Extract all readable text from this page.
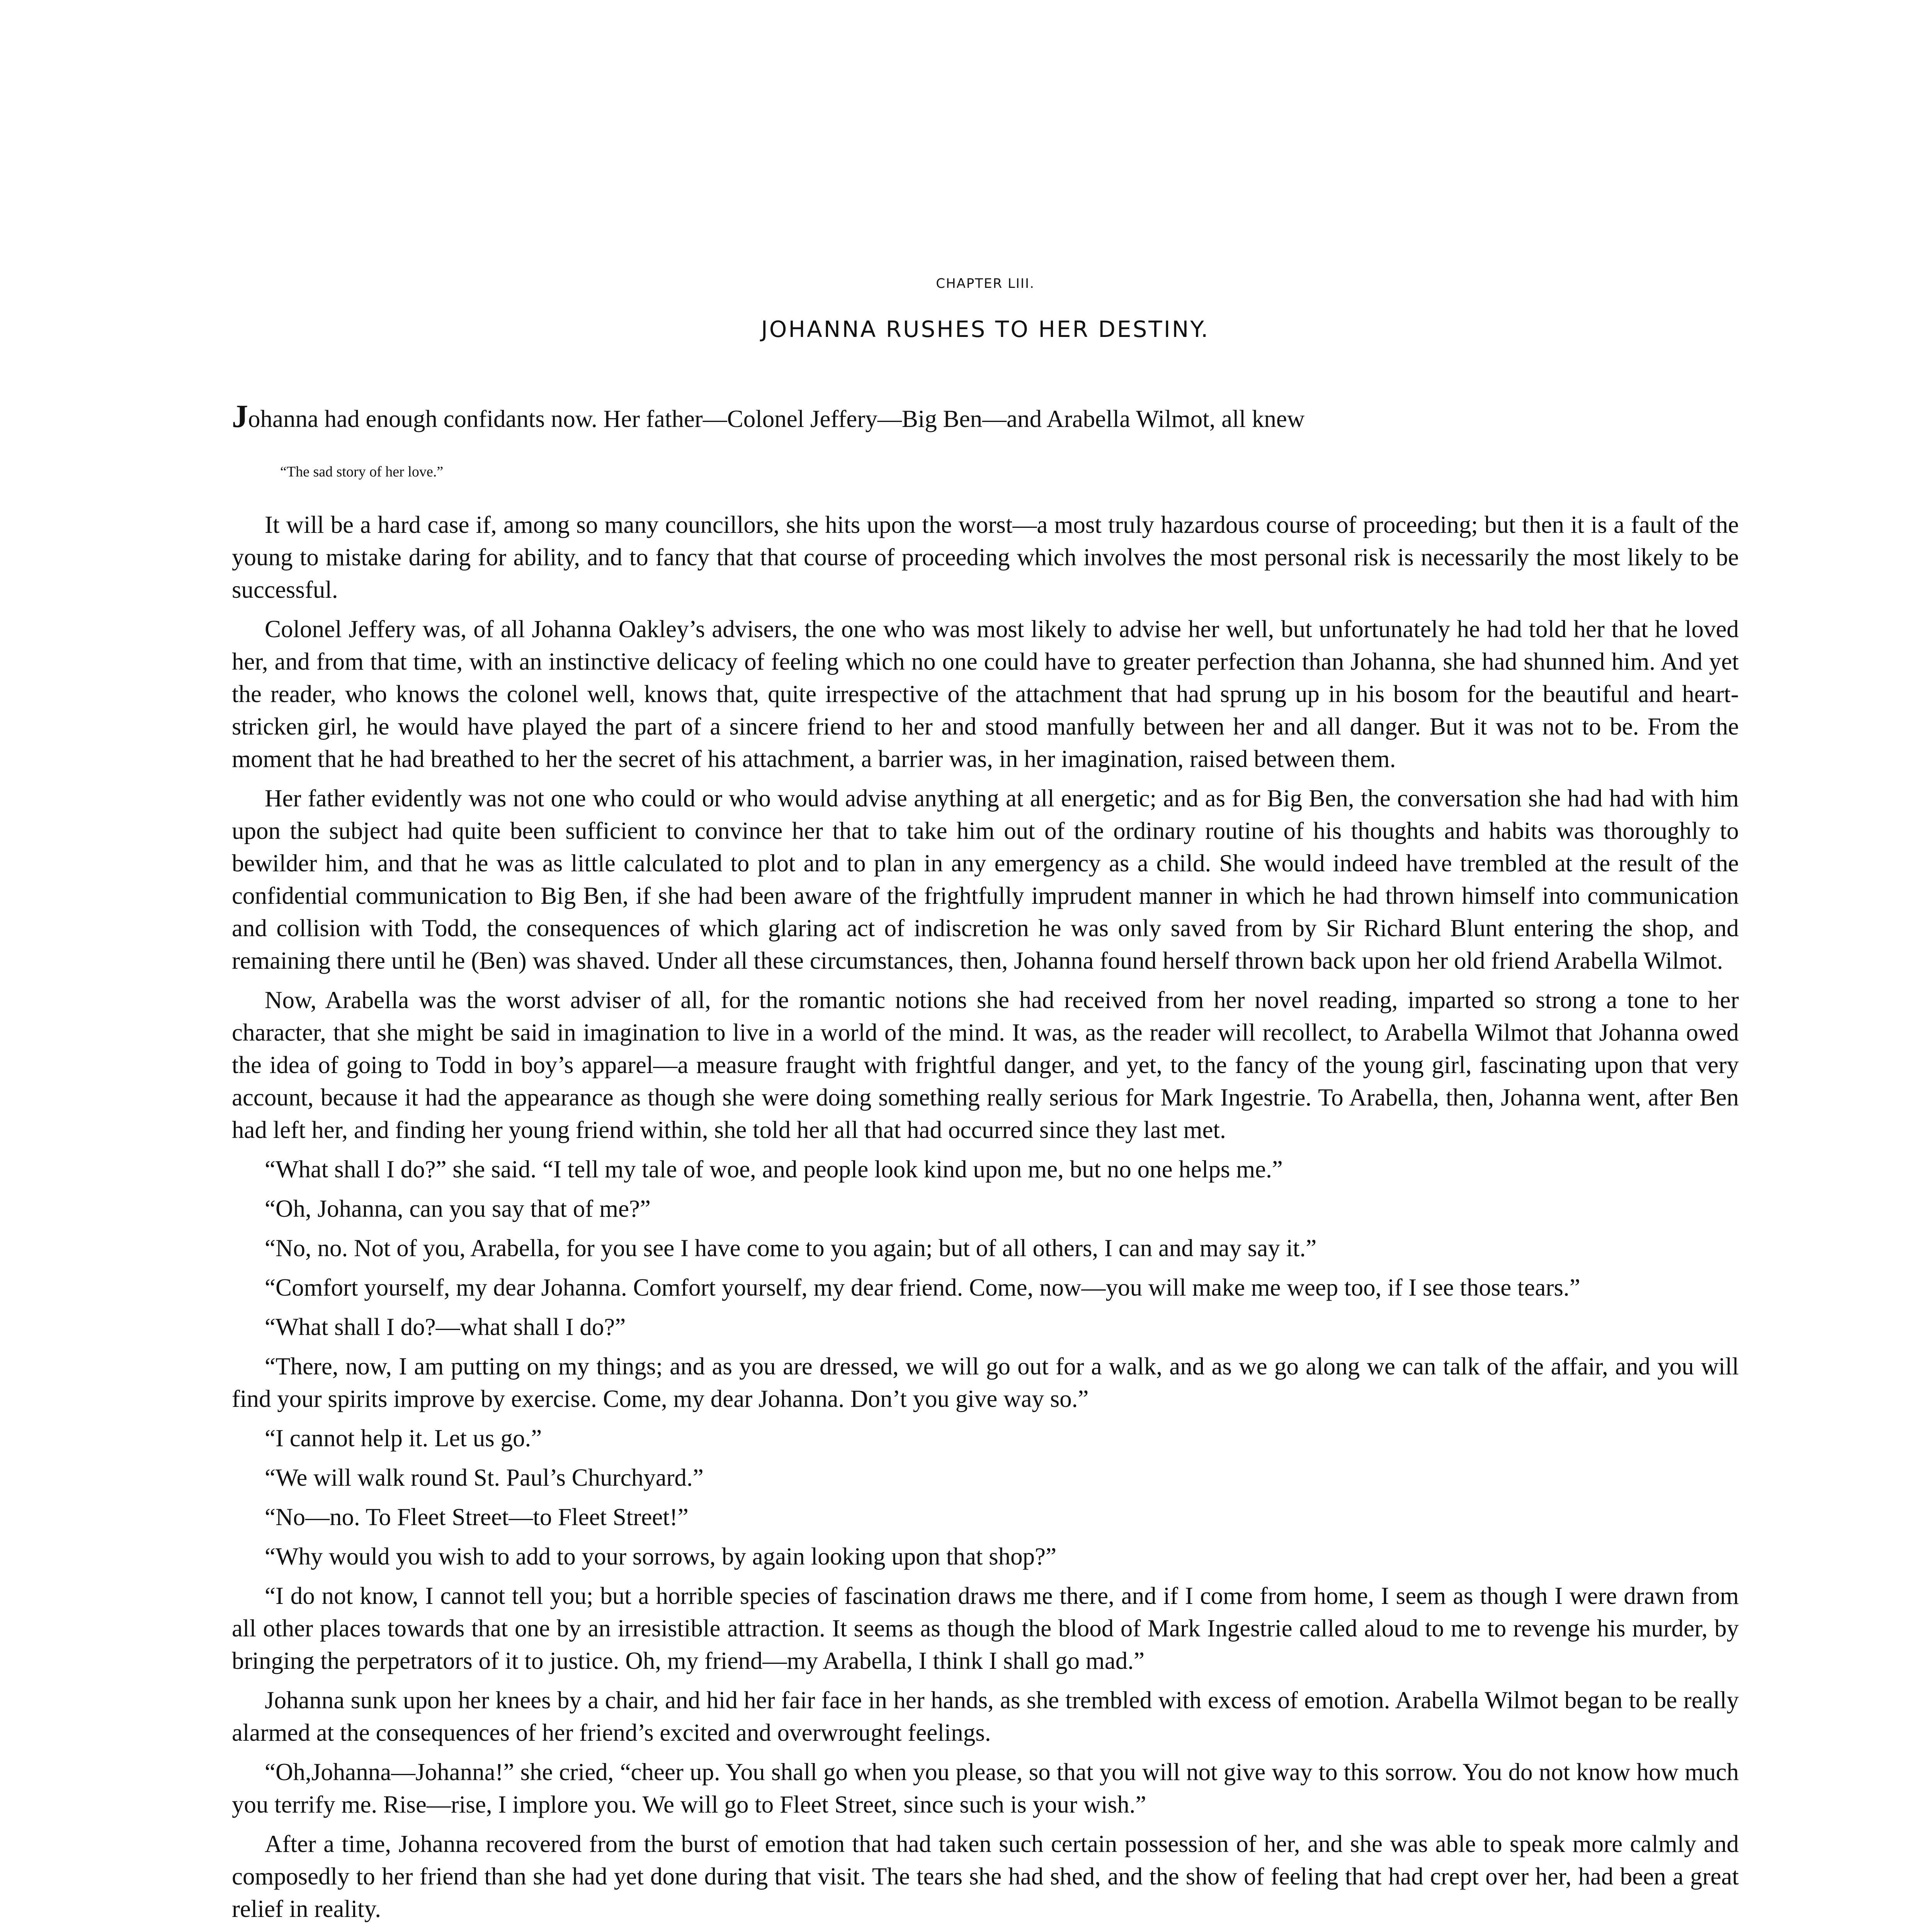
CHAPTER LIII.
JOHANNA RUSHES TO HER DESTINY.

Johanna had enough confidants now. Her father—Colonel Jeffery—Big Ben—and Arabella Wilmot, all knew

“The sad story of her love.”

It will be a hard case if, among so many councillors, she hits upon the worst—a most truly hazardous course of proceeding; but then it is a fault of the young to mistake daring for ability, and to fancy that that course of proceeding which involves the most personal risk is necessarily the most likely to be successful.

Colonel Jeffery was, of all Johanna Oakley’s advisers, the one who was most likely to advise her well, but unfortunately he had told her that he loved her, and from that time, with an instinctive delicacy of feeling which no one could have to greater perfection than Johanna, she had shunned him. And yet the reader, who knows the colonel well, knows that, quite irrespective of the attachment that had sprung up in his bosom for the beautiful and heart-stricken girl, he would have played the part of a sincere friend to her and stood manfully between her and all danger. But it was not to be. From the moment that he had breathed to her the secret of his attachment, a barrier was, in her imagination, raised between them.

Her father evidently was not one who could or who would advise anything at all energetic; and as for Big Ben, the conversation she had had with him upon the subject had quite been sufficient to convince her that to take him out of the ordinary routine of his thoughts and habits was thoroughly to bewilder him, and that he was as little calculated to plot and to plan in any emergency as a child. She would indeed have trembled at the result of the confidential communication to Big Ben, if she had been aware of the frightfully imprudent manner in which he had thrown himself into communication and collision with Todd, the consequences of which glaring act of indiscretion he was only saved from by Sir Richard Blunt entering the shop, and remaining there until he (Ben) was shaved. Under all these circumstances, then, Johanna found herself thrown back upon her old friend Arabella Wilmot.

Now, Arabella was the worst adviser of all, for the romantic notions she had received from her novel reading, imparted so strong a tone to her character, that she might be said in imagination to live in a world of the mind. It was, as the reader will recollect, to Arabella Wilmot that Johanna owed the idea of going to Todd in boy’s apparel—a measure fraught with frightful danger, and yet, to the fancy of the young girl, fascinating upon that very account, because it had the appearance as though she were doing something really serious for Mark Ingestrie. To Arabella, then, Johanna went, after Ben had left her, and finding her young friend within, she told her all that had occurred since they last met.

“What shall I do?” she said. “I tell my tale of woe, and people look kind upon me, but no one helps me.”

“Oh, Johanna, can you say that of me?”

“No, no. Not of you, Arabella, for you see I have come to you again; but of all others, I can and may say it.”

“Comfort yourself, my dear Johanna. Comfort yourself, my dear friend. Come, now—you will make me weep too, if I see those tears.”

“What shall I do?—what shall I do?”

“There, now, I am putting on my things; and as you are dressed, we will go out for a walk, and as we go along we can talk of the affair, and you will find your spirits improve by exercise. Come, my dear Johanna. Don’t you give way so.”

“I cannot help it. Let us go.”

“We will walk round St. Paul’s Churchyard.”

“No—no. To Fleet Street—to Fleet Street!”

“Why would you wish to add to your sorrows, by again looking upon that shop?”

“I do not know, I cannot tell you; but a horrible species of fascination draws me there, and if I come from home, I seem as though I were drawn from all other places towards that one by an irresistible attraction. It seems as though the blood of Mark Ingestrie called aloud to me to revenge his murder, by bringing the perpetrators of it to justice. Oh, my friend—my Arabella, I think I shall go mad.”

Johanna sunk upon her knees by a chair, and hid her fair face in her hands, as she trembled with excess of emotion. Arabella Wilmot began to be really alarmed at the consequences of her friend’s excited and overwrought feelings.

“Oh,Johanna—Johanna!” she cried, “cheer up. You shall go when you please, so that you will not give way to this sorrow. You do not know how much you terrify me. Rise—rise, I implore you. We will go to Fleet Street, since such is your wish.”

After a time, Johanna recovered from the burst of emotion that had taken such certain possession of her, and she was able to speak more calmly and composedly to her friend than she had yet done during that visit. The tears she had shed, and the show of feeling that had crept over her, had been a great relief in reality.
